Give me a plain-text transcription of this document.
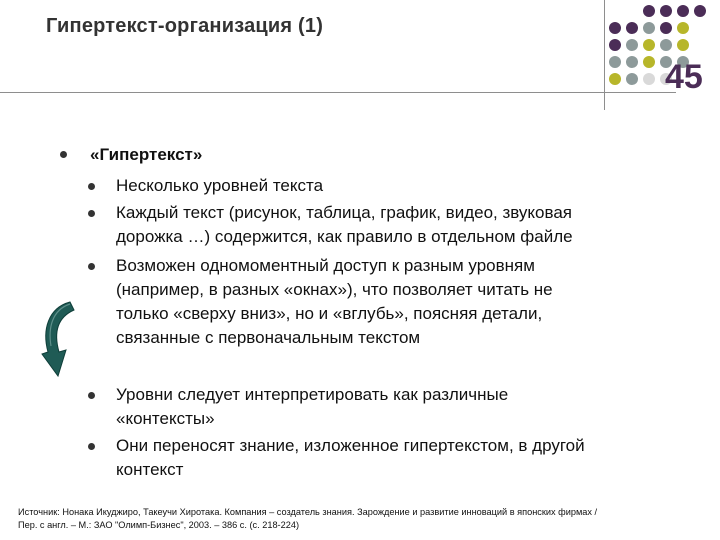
Гипертекст-организация (1)
45
«Гипертекст»
Несколько уровней текста
Каждый текст (рисунок, таблица, график, видео, звуковая дорожка …) содержится, как правило в отдельном файле
Возможен одномоментный доступ к разным уровням (например, в разных «окнах»), что позволяет читать не только «сверху вниз», но и «вглубь», поясняя детали, связанные с первоначальным текстом
Уровни следует интерпретировать как различные «контексты»
Они переносят знание, изложенное гипертекстом, в другой контекст
Источник: Нонака Икуджиро, Такеучи Хиротака. Компания – создатель знания. Зарождение и развитие инноваций в японских фирмах / Пер. с англ. – М.: ЗАО "Олимп-Бизнес", 2003. – 386 с. (с. 218-224)
